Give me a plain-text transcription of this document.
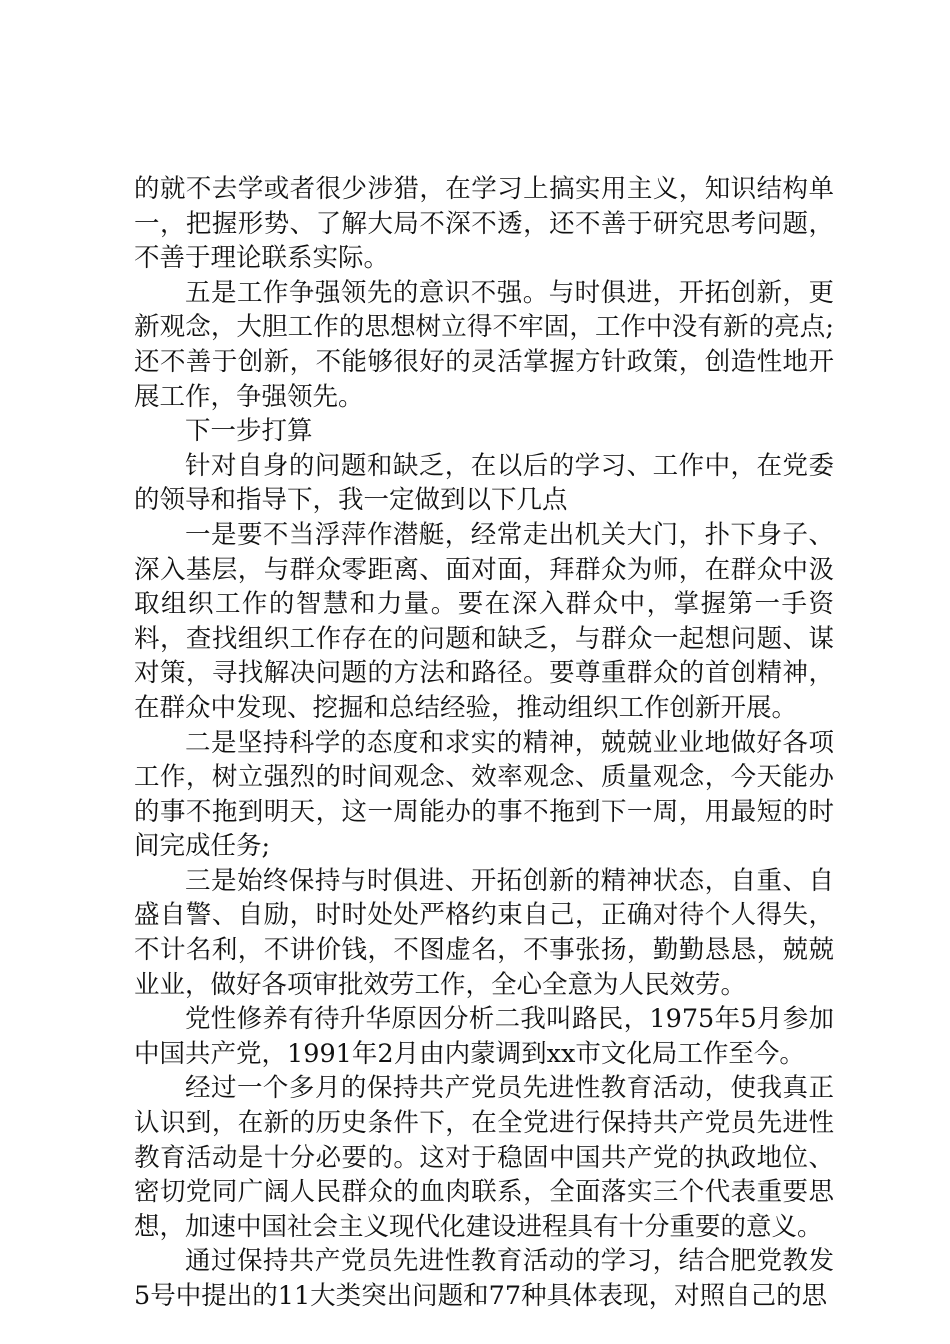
的就不去学或者很少涉猎，在学习上搞实用主义，知识结构单一，把握形势、了解大局不深不透，还不善于研究思考问题，不善于理论联系实际。

五是工作争强领先的意识不强。与时俱进，开拓创新，更新观念，大胆工作的思想树立得不牢固，工作中没有新的亮点;还不善于创新，不能够很好的灵活掌握方针政策，创造性地开展工作，争强领先。

下一步打算

针对自身的问题和缺乏，在以后的学习、工作中，在党委的领导和指导下，我一定做到以下几点

一是要不当浮萍作潜艇，经常走出机关大门，扑下身子、深入基层，与群众零距离、面对面，拜群众为师，在群众中汲取组织工作的智慧和力量。要在深入群众中，掌握第一手资料，查找组织工作存在的问题和缺乏，与群众一起想问题、谋对策，寻找解决问题的方法和路径。要尊重群众的首创精神，在群众中发现、挖掘和总结经验，推动组织工作创新开展。

二是坚持科学的态度和求实的精神，兢兢业业地做好各项工作，树立强烈的时间观念、效率观念、质量观念，今天能办的事不拖到明天，这一周能办的事不拖到下一周，用最短的时间完成任务;

三是始终保持与时俱进、开拓创新的精神状态，自重、自盛自警、自励，时时处处严格约束自己，正确对待个人得失，不计名利，不讲价钱，不图虚名，不事张扬，勤勤恳恳，兢兢业业，做好各项审批效劳工作，全心全意为人民效劳。

党性修养有待升华原因分析二我叫路民，1975年5月参加中国共产党，1991年2月由内蒙调到xx市文化局工作至今。

经过一个多月的保持共产党员先进性教育活动，使我真正认识到，在新的历史条件下，在全党进行保持共产党员先进性教育活动是十分必要的。这对于稳固中国共产党的执政地位、密切党同广阔人民群众的血肉联系，全面落实三个代表重要思想，加速中国社会主义现代化建设进程具有十分重要的意义。

通过保持共产党员先进性教育活动的学习，结合肥党教发5号中提出的11大类突出问题和77种具体表现，对照自己的思
